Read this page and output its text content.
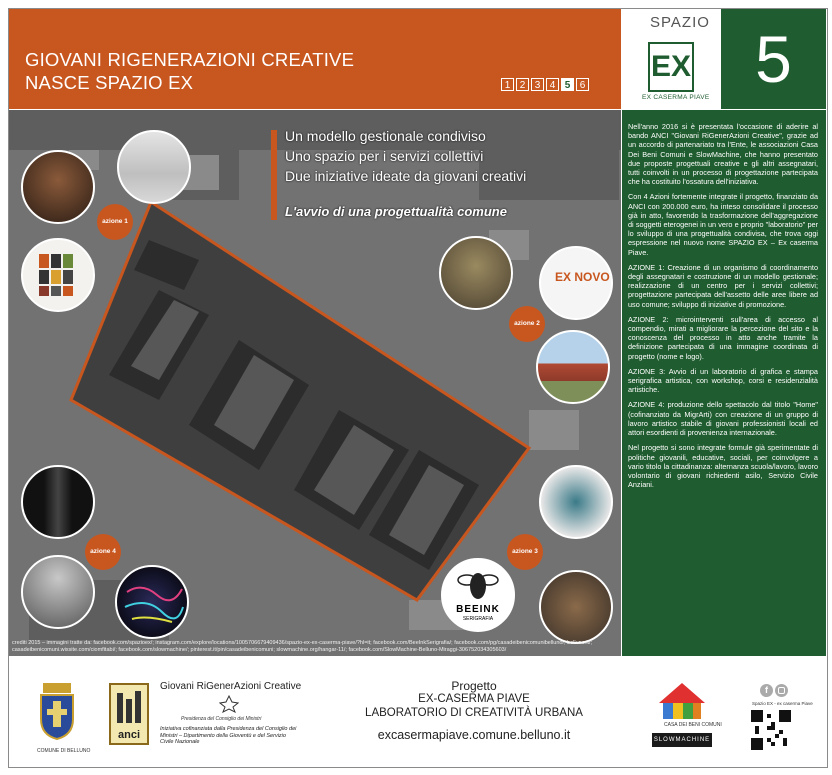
GIOVANI RIGENERAZIONI CREATIVE
NASCE SPAZIO EX	1 2 3 4 5 6
SPAZIO
EX
EX CASERMA PIAVE
5
Un modello gestionale condiviso
Uno spazio per i servizi collettivi
Due iniziative ideate da giovani creativi
L'avvio di una progettualità comune
azione 1
EX NOVO
azione 2
azione 3
BEEINK
SERIGRAFIA
azione 4
crediti 2015 – immagini tratte da: facebook.com/spazioex/; instagram.com/explore/locations/1005706679409436/spazio-ex-ex-caserma-piave/?hl=it; facebook.com/BeeInkSerigrafia/; facebook.com/pg/casadeibenicomunibelluno/; belluno.it/; casadeibenicomuni.wixsite.com/ciomfitabi/; facebook.com/slowmachine/; pinterest.it/pin/casadeibenicomuni; slowmachine.org/hangar-11/; facebook.com/SlowMachine-Belluno-Miraggi-306752034305603/

Nell'anno 2016 si è presentata l'occasione di aderire al bando ANCI "Giovani RiGenerAzioni Creative", grazie ad un accordo di partenariato tra l'Ente, le associazioni Casa Dei Beni Comuni e SlowMachine, che hanno presentato due proposte progettuali creative e gli altri assegnatari, tutti coinvolti in un processo di progettazione partecipata che ha costituito l'ossatura dell'iniziativa.

Con 4 Azioni fortemente integrate il progetto, finanziato da ANCI con 200.000 euro, ha inteso consolidare il processo già in atto, favorendo la trasformazione dell'aggregazione di soggetti eterogenei in un vero e proprio "laboratorio" per lo sviluppo di una progettualità condivisa, che trova oggi espressione nel nuovo nome SPAZIO EX – Ex caserma Piave.

AZIONE 1: Creazione di un organismo di coordinamento degli assegnatari e costruzione di un modello gestionale; realizzazione di un centro per i servizi collettivi; progettazione partecipata dell'assetto delle aree libere ad uso comune; sviluppo di iniziative di promozione.

AZIONE 2: microinterventi sull'area di accesso al compendio, mirati a migliorare la percezione del sito e la conoscenza del processo in atto anche tramite la definizione partecipata di una immagine coordinata di progetto (nome e logo).

AZIONE 3: Avvio di un laboratorio di grafica e stampa serigrafica artistica, con workshop, corsi e residenzialità artistiche.

AZIONE 4: produzione dello spettacolo dal titolo "Home" (cofinanziato da MigrArti) con creazione di un gruppo di lavoro artistico stabile di giovani professionisti locali ed attori esordienti di provenienza internazionale.

Nel progetto si sono integrate formule già sperimentate di politiche giovanili, educative, sociali, per coinvolgere a vario titolo la cittadinanza: alternanza scuola/lavoro, lavoro volontario di giovani richiedenti asilo, Servizio Civile Anziani.

COMUNE DI BELLUNO
anci
Giovani RiGenerAzioni Creative
Presidenza del Consiglio dei Ministri
Iniziativa cofinanziata dalla Presidenza del Consiglio dei Ministri – Dipartimento della Gioventù e del Servizio Civile Nazionale
Progetto
EX-CASERMA PIAVE
LABORATORIO DI CREATIVITÀ URBANA
excasermapiave.comune.belluno.it
CASA DEI BENI COMUNI
SLOWMACHINE
f
Spazio EX - ex caserma Piave
